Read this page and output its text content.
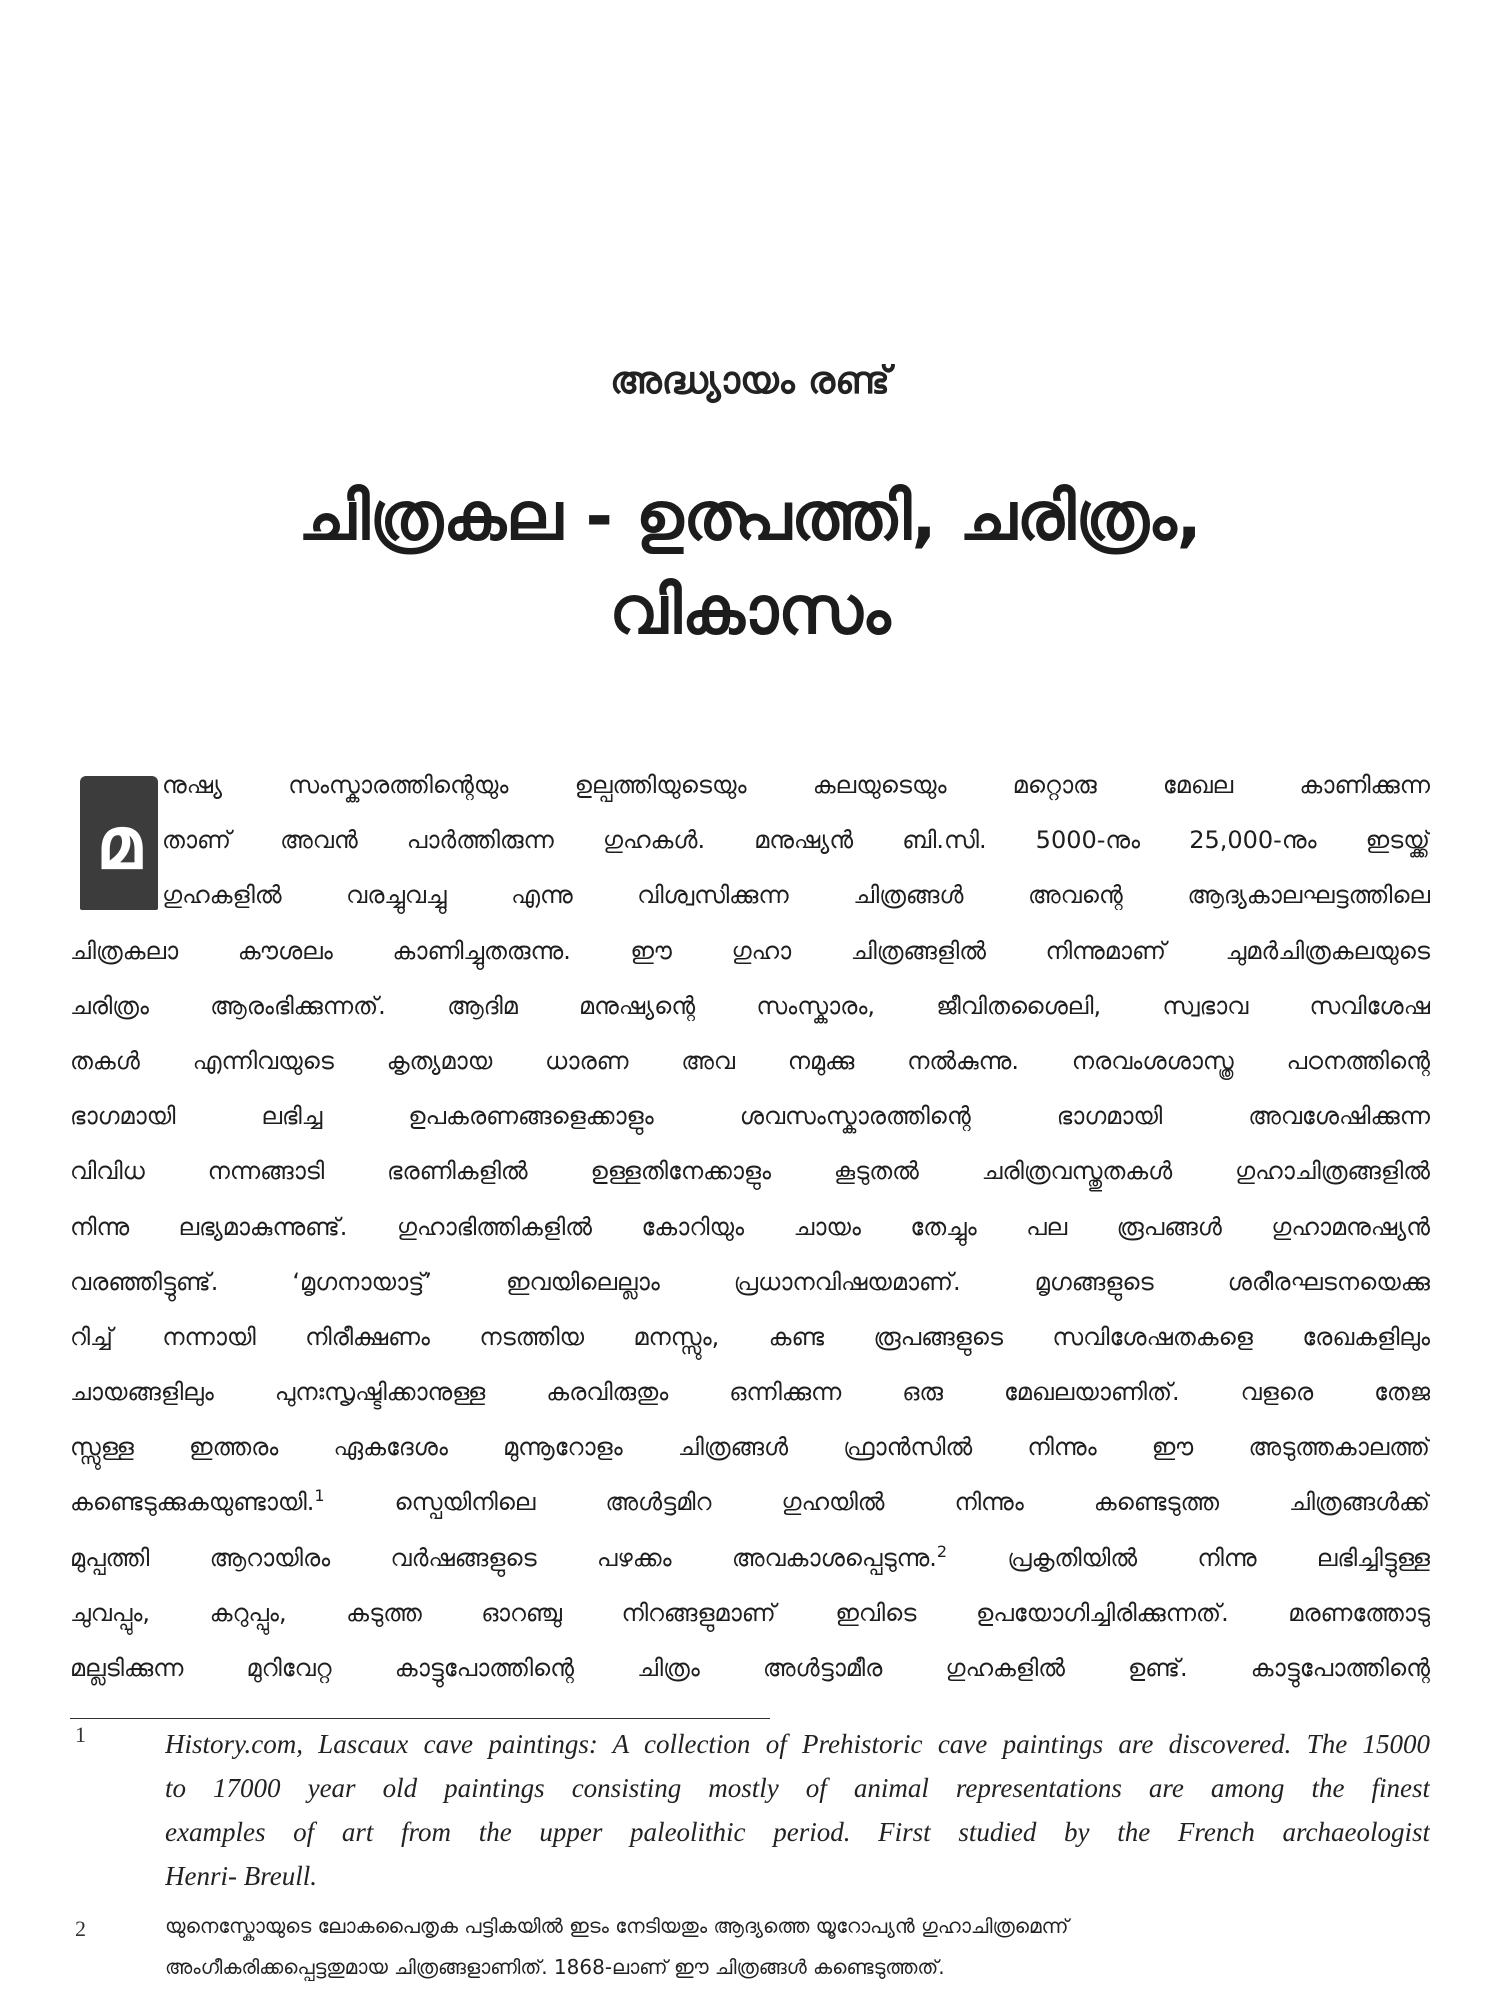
അദ്ധ്യായം രണ്ട്
ചിത്രകല - ഉത്പത്തി, ചരിത്രം,
വികാസം
മ
നുഷ്യ സംസ്കാരത്തിന്റെയും ഉല്പത്തിയുടെയും കലയുടെയും മറ്റൊരു മേഖല കാണിക്കുന്ന
താണ് അവൻ പാർത്തിരുന്ന ഗുഹകൾ. മനുഷ്യൻ ബി.സി. 5000-നും 25,000-നും ഇടയ്ക്ക്
ഗുഹകളിൽ വരച്ചുവച്ചു എന്നു വിശ്വസിക്കുന്ന ചിത്രങ്ങൾ അവന്റെ ആദ്യകാലഘട്ടത്തിലെ
ചിത്രകലാ കൗശലം കാണിച്ചുതരുന്നു. ഈ ഗുഹാ ചിത്രങ്ങളിൽ നിന്നുമാണ് ചുമർചിത്രകലയുടെ
ചരിത്രം ആരംഭിക്കുന്നത്. ആദിമ മനുഷ്യന്റെ സംസ്കാരം, ജീവിതശൈലി, സ്വഭാവ സവിശേഷ
തകൾ എന്നിവയുടെ കൃത്യമായ ധാരണ അവ നമുക്കു നൽകുന്നു. നരവംശശാസ്ത്ര പഠനത്തിന്റെ
ഭാഗമായി ലഭിച്ച ഉപകരണങ്ങളെക്കാളും ശവസംസ്കാരത്തിന്റെ ഭാഗമായി അവശേഷിക്കുന്ന
വിവിധ നന്നങ്ങാടി ഭരണികളിൽ ഉള്ളതിനേക്കാളും കൂടുതൽ ചരിത്രവസ്തുതകൾ ഗുഹാചിത്രങ്ങളിൽ
നിന്നു ലഭ്യമാകുന്നുണ്ട്. ഗുഹാഭിത്തികളിൽ കോറിയും ചായം തേച്ചും പല രൂപങ്ങൾ ഗുഹാമനുഷ്യൻ
വരഞ്ഞിട്ടുണ്ട്. ‘മൃഗനായാട്ട്’ ഇവയിലെല്ലാം പ്രധാനവിഷയമാണ്. മൃഗങ്ങളുടെ ശരീരഘടനയെക്കു
റിച്ച് നന്നായി നിരീക്ഷണം നടത്തിയ മനസ്സും, കണ്ട രൂപങ്ങളുടെ സവിശേഷതകളെ രേഖകളിലും
ചായങ്ങളിലും പുനഃസൃഷ്ടിക്കാനുള്ള കരവിരുതും ഒന്നിക്കുന്ന ഒരു മേഖലയാണിത്. വളരെ തേജ
സ്സുള്ള ഇത്തരം ഏകദേശം മുന്നൂറോളം ചിത്രങ്ങൾ ഫ്രാൻസിൽ നിന്നും ഈ അടുത്തകാലത്ത്
കണ്ടെടുക്കുകയുണ്ടായി.$^1$ സ്പെയിനിലെ അൾട്ടമിറ ഗുഹയിൽ നിന്നും കണ്ടെടുത്ത ചിത്രങ്ങൾക്ക്
മുപ്പത്തി ആറായിരം വർഷങ്ങളുടെ പഴക്കം അവകാശപ്പെടുന്നു.$^2$ പ്രകൃതിയിൽ നിന്നു ലഭിച്ചിട്ടുള്ള
ചുവപ്പും, കറുപ്പും, കടുത്ത ഓറഞ്ചു നിറങ്ങളുമാണ് ഇവിടെ ഉപയോഗിച്ചിരിക്കുന്നത്. മരണത്തോടു
മല്ലടിക്കുന്ന മുറിവേറ്റ കാട്ടുപോത്തിന്റെ ചിത്രം അൾട്ടാമീര ഗുഹകളിൽ ഉണ്ട്. കാട്ടുപോത്തിന്റെ
1	History.com, Lascaux cave paintings: A collection of Prehistoric cave paintings are discovered. The 15000
to 17000 year old paintings consisting mostly of animal representations are among the finest
examples of art from the upper paleolithic period. First studied by the French archaeologist
Henri- Breull.
2	യുനെസ്കോയുടെ ലോകപൈതൃക പട്ടികയിൽ ഇടം നേടിയതും ആദ്യത്തെ യൂറോപ്യൻ ഗുഹാചിത്രമെന്ന്
അംഗീകരിക്കപ്പെട്ടതുമായ ചിത്രങ്ങളാണിത്. 1868-ലാണ് ഈ ചിത്രങ്ങൾ കണ്ടെടുത്തത്.
